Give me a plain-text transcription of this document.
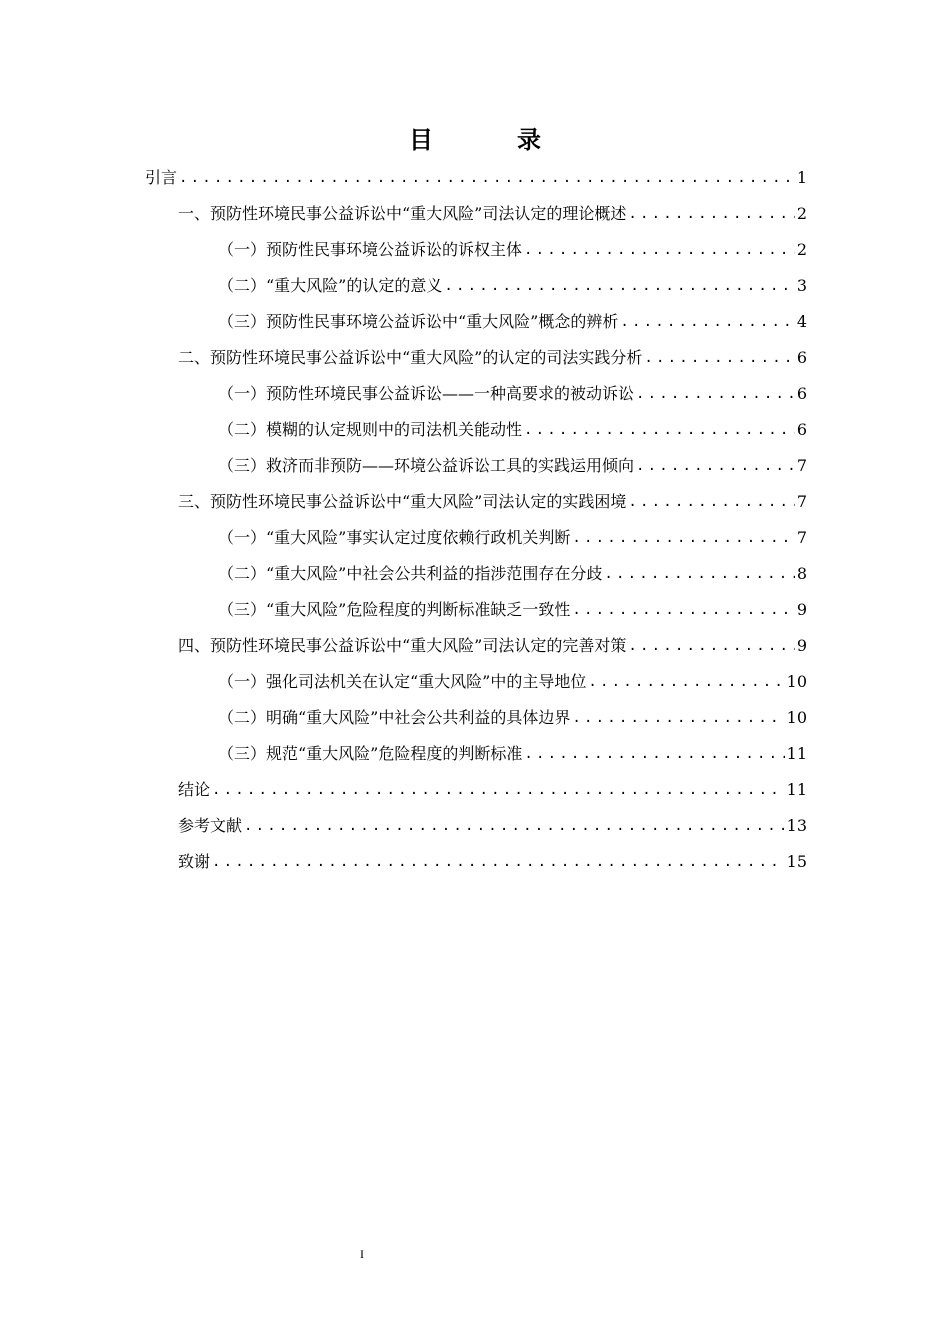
目　录
引言 .....	1
一、预防性环境民事公益诉讼中“重大风险”司法认定的理论概述 .....	2
（一）预防性民事环境公益诉讼的诉权主体 .....	2
（二）“重大风险”的认定的意义 .....	3
（三）预防性民事环境公益诉讼中“重大风险”概念的辨析 .....	4
二、预防性环境民事公益诉讼中“重大风险”的认定的司法实践分析 .....	6
（一）预防性环境民事公益诉讼——一种高要求的被动诉讼 .....	6
（二）模糊的认定规则中的司法机关能动性 .....	6
（三）救济而非预防——环境公益诉讼工具的实践运用倾向 .....	7
三、预防性环境民事公益诉讼中“重大风险”司法认定的实践困境 .....	7
（一）“重大风险”事实认定过度依赖行政机关判断 .....	7
（二）“重大风险”中社会公共利益的指涉范围存在分歧 .....	8
（三）“重大风险”危险程度的判断标准缺乏一致性 .....	9
四、预防性环境民事公益诉讼中“重大风险”司法认定的完善对策 .....	9
（一）强化司法机关在认定“重大风险”中的主导地位 .....	10
（二）明确“重大风险”中社会公共利益的具体边界 .....	10
（三）规范“重大风险”危险程度的判断标准 .....	11
结论 .....	11
参考文献 .....	13
致谢 .....	15
I
